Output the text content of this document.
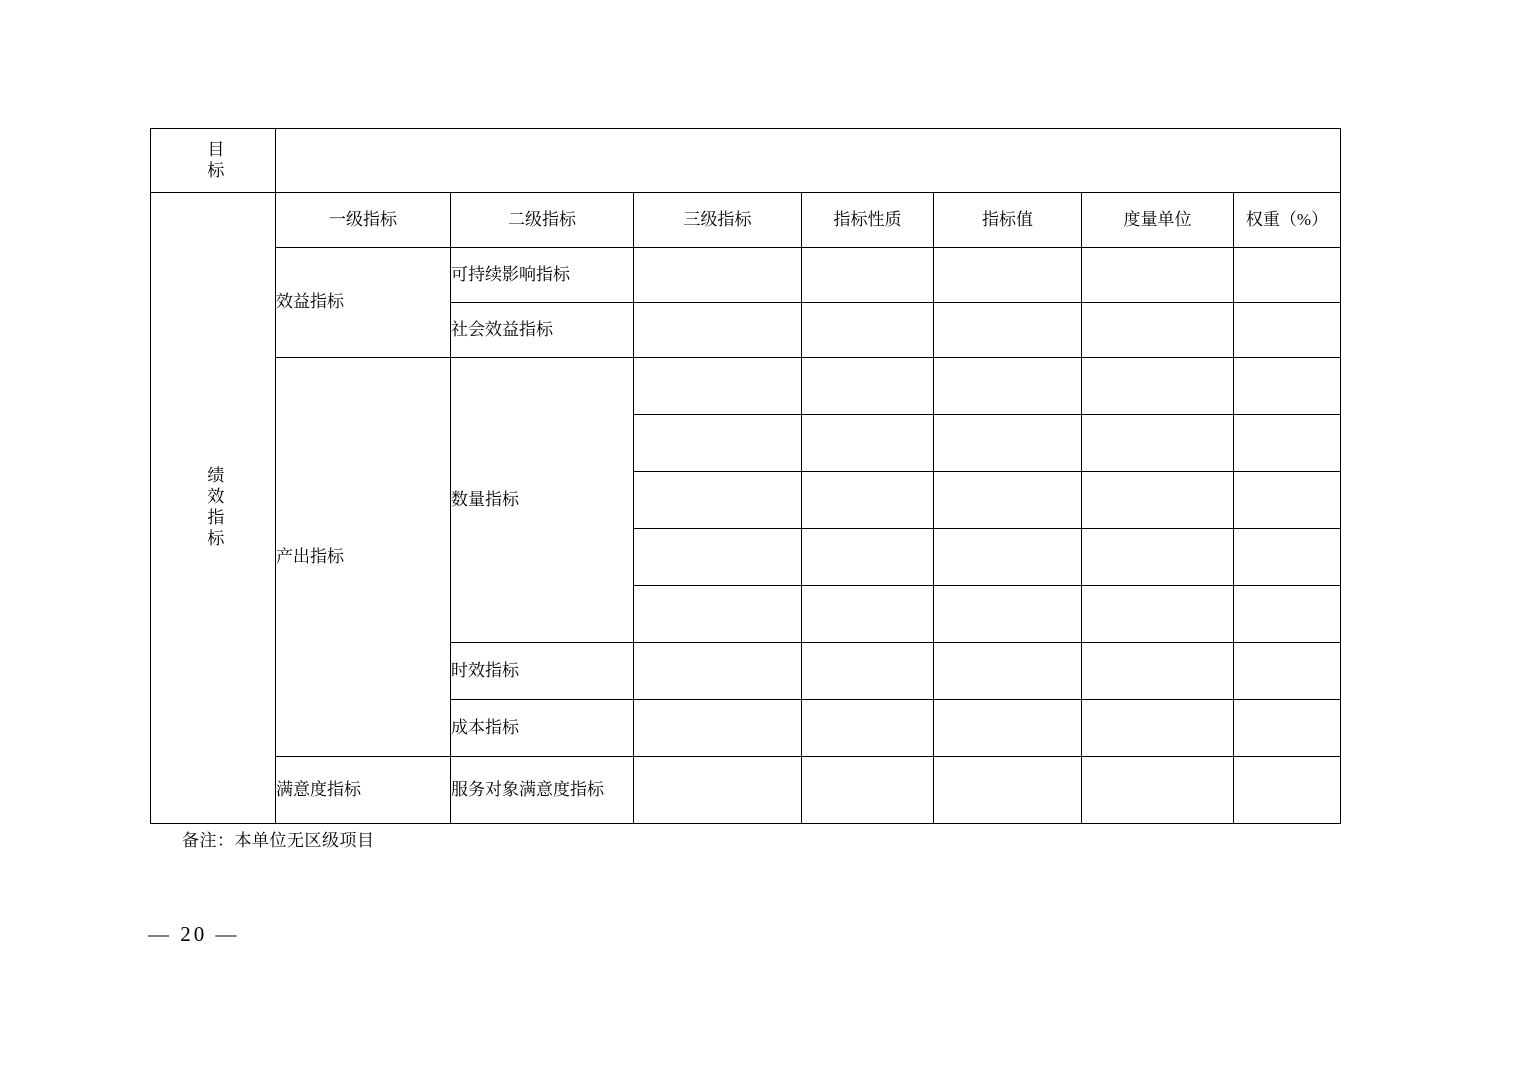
目标							

绩效指标	一级指标	二级指标	三级指标	指标性质	指标值	度量单位	权重（%）
	效益指标	可持续影响指标					
		社会效益指标					
	产出指标	数量指标					

		时效指标					
		成本指标					
	满意度指标	服务对象满意度指标					
备注：本单位无区级项目
— 20 —
